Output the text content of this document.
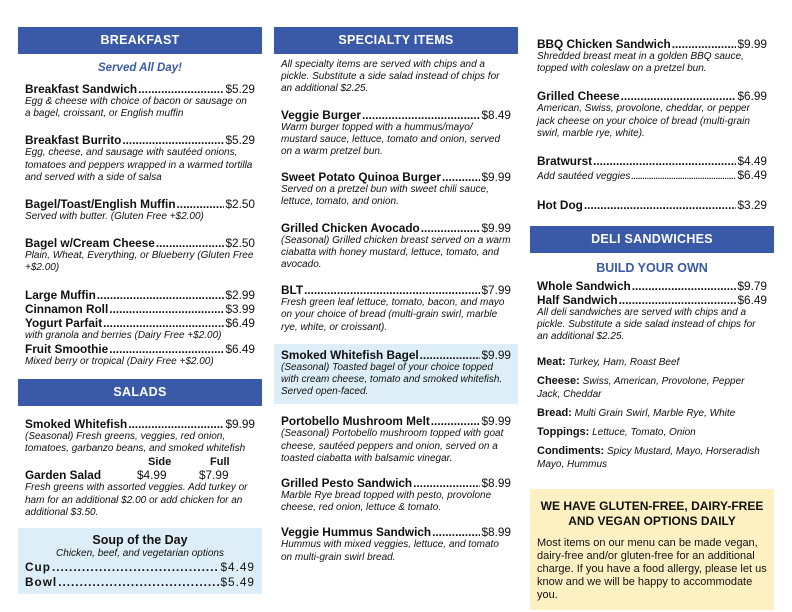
BREAKFAST
Served All Day!
Breakfast Sandwich .....	$5.29
Egg & cheese with choice of bacon or sausage on a bagel, croissant, or English muffin
Breakfast Burrito .....	$5.29
Egg, cheese, and sausage with sautéed onions, tomatoes and peppers wrapped in a warmed tortilla and served with a side of salsa
Bagel/Toast/English Muffin .....	$2.50
Served with butter. (Gluten Free +$2.00)
Bagel w/Cream Cheese .....	$2.50
Plain, Wheat, Everything, or Blueberry (Gluten Free +$2.00)
Large Muffin .....	$2.99
Cinnamon Roll .....	$3.99
Yogurt Parfait .....	$6.49
with granola and berries (Dairy Free +$2.00)
Fruit Smoothie .....	$6.49
Mixed berry or tropical (Dairy Free +$2.00)
SALADS
Smoked Whitefish .....	$9.99
(Seasonal) Fresh greens, veggies, red onion, tomatoes, garbanzo beans, and smoked whitefish
Side	Full
Garden Salad	$4.99	$7.99
Fresh greens with assorted veggies. Add turkey or ham for an additional $2.00 or add chicken for an additional $3.50.
Soup of the Day
Chicken, beef, and vegetarian options
Cup .....	$4.49
Bowl .....	$5.49
SPECIALTY ITEMS
All specialty items are served with chips and a pickle. Substitute a side salad instead of chips for an additional $2.25.
Veggie Burger .....	$8.49
Warm burger topped with a hummus/mayo/ mustard sauce, lettuce, tomato and onion, served on a warm pretzel bun.
Sweet Potato Quinoa Burger .....	$9.99
Served on a pretzel bun with sweet chili sauce, lettuce, tomato, and onion.
Grilled Chicken Avocado .....	$9.99
(Seasonal) Grilled chicken breast served on a warm ciabatta with honey mustard, lettuce, tomato, and avocado.
BLT .....	$7.99
Fresh green leaf lettuce, tomato, bacon, and mayo on your choice of bread (multi-grain swirl, marble rye, white, or croissant).
Smoked Whitefish Bagel .....	$9.99
(Seasonal) Toasted bagel of your choice topped with cream cheese, tomato and smoked whitefish. Served open-faced.
Portobello Mushroom Melt .....	$9.99
(Seasonal) Portobello mushroom topped with goat cheese, sautéed peppers and onion, served on a toasted ciabatta with balsamic vinegar.
Grilled Pesto Sandwich .....	$8.99
Marble Rye bread topped with pesto, provolone cheese, red onion, lettuce & tomato.
Veggie Hummus Sandwich .....	$8.99
Hummus with mixed veggies, lettuce, and tomato on multi-grain swirl bread.
BBQ Chicken Sandwich .....	$9.99
Shredded breast meat in a golden BBQ sauce, topped with coleslaw on a pretzel bun.
Grilled Cheese .....	$6.99
American, Swiss, provolone, cheddar, or pepper jack cheese on your choice of bread (multi-grain swirl, marble rye, white).
Bratwurst .....	$4.49
Add sautéed veggies .....	$6.49
Hot Dog .....	$3.29
DELI SANDWICHES
BUILD YOUR OWN
Whole Sandwich .....	$9.79
Half Sandwich .....	$6.49
All deli sandwiches are served with chips and a pickle. Substitute a side salad instead of chips for an additional $2.25.
Meat: Turkey, Ham, Roast Beef
Cheese: Swiss, American, Provolone, Pepper Jack, Cheddar
Bread: Multi Grain Swirl, Marble Rye, White
Toppings: Lettuce, Tomato, Onion
Condiments: Spicy Mustard, Mayo, Horseradish Mayo, Hummus
WE HAVE GLUTEN-FREE, DAIRY-FREE AND VEGAN OPTIONS DAILY
Most items on our menu can be made vegan, dairy-free and/or gluten-free for an additional charge. If you have a food allergy, please let us know and we will be happy to accommodate you.
